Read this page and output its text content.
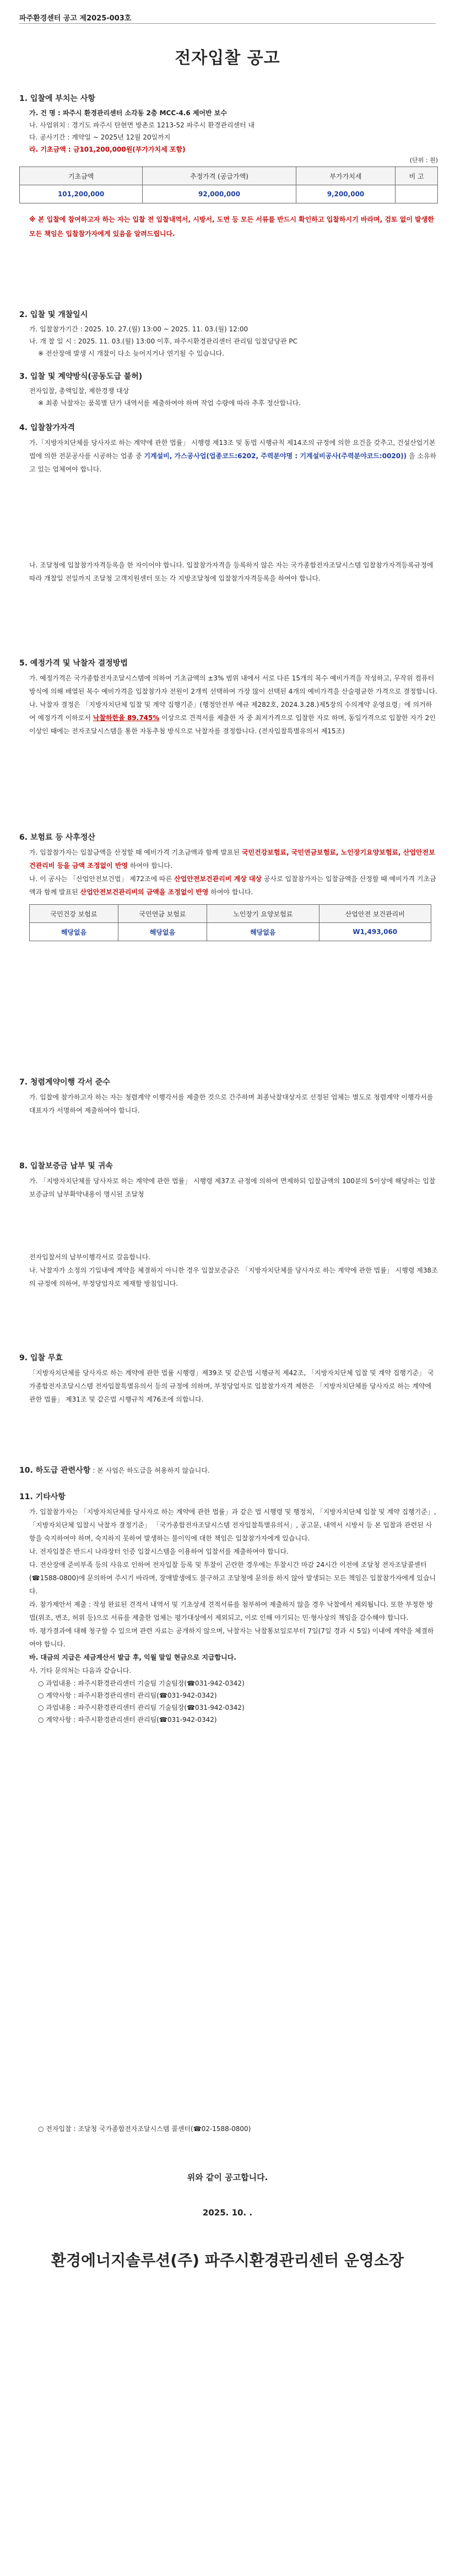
파주환경센터 공고 제2025-003호
전자입찰 공고
1. 입찰에 부치는 사항

가. 건 명 : 파주시 환경관리센터 소각동 2층 MCC-4.6 제어반 보수

나. 사업위치 : 경기도 파주시 탄현면 방촌로 1213-52 파주시 환경관리센터 내

다. 공사기간 : 계약일 ~ 2025년 12월 20일까지

라. 기초금액 : 금101,200,000원(부가가치세 포함)

(단위 : 원)
기초금액	추정가격 (공급가액)	부가가치세	비 고
101,200,000	92,000,000	9,200,000	

※ 본 입찰에 참여하고자 하는 자는 입찰 전 입찰내역서, 시방서, 도면 등 모든 서류를 반드시 확인하고 입찰하시기 바라며, 검토 없이 발생한 모든 책임은 입찰참가자에게 있음을 알려드립니다.

2. 입찰 및 개찰일시

가. 입찰참가기간 : 2025. 10. 27.(월) 13:00 ~ 2025. 11. 03.(월) 12:00

나. 개 찰 일 시 : 2025. 11. 03.(월) 13:00 이후, 파주시환경관리센터 관리팀 입찰담당관 PC

※ 전산장애 발생 시 개찰이 다소 늦어지거나 연기될 수 있습니다.

3. 입찰 및 계약방식(공동도급 불허)

전자입찰, 총액입찰, 제한경쟁 대상

※ 최종 낙찰자는 품목별 단가 내역서를 제출하여야 하며 작업 수량에 따라 추후 정산합니다.

4. 입찰참가자격

가.「지방자치단체를 당사자로 하는 계약에 관한 법률」 시행령 제13조 및 동법 시행규칙 제14조의 규정에 의한 요건을 갖추고, 건설산업기본법에 의한 전문공사를 시공하는 업종 중 기계설비, 가스공사업(업종코드:6202, 주력분야명 : 기계설비공사(주력분야코드:0020)) 을 소유하고 있는 업체여야 합니다.

나. 조달청에 입찰참가자격등록을 한 자이어야 합니다. 입찰참가자격을 등록하지 않은 자는 국가종합전자조달시스템 입찰참가자격등록규정에 따라 개찰일 전일까지 조달청 고객지원센터 또는 각 지방조달청에 입찰참가자격등록을 하여야 합니다.

5. 예정가격 및 낙찰자 결정방법

가. 예정가격은 국가종합전자조달시스템에 의하여 기초금액의 ±3% 범위 내에서 서로 다른 15개의 복수 예비가격을 작성하고, 무작위 컴퓨터방식에 의해 배열된 복수 예비가격을 입찰참가자 전원이 2개씩 선택하여 가장 많이 선택된 4개의 예비가격을 산술평균한 가격으로 결정합니다.

나. 낙찰자 결정은 「지방자치단체 입찰 및 계약 집행기준」(행정안전부 예규 제282호, 2024.3.28.)제5장의 수의계약 운영요령」에 의거하여 예정가격 이하로서 낙찰하한율 89.745% 이상으로 견적서를 제출한 자 중 최저가격으로 입찰한 자로 하며, 동일가격으로 입찰한 자가 2인 이상인 때에는 전자조달시스템을 통한 자동추첨 방식으로 낙찰자를 결정합니다. (전자입찰특별유의서 제15조)

6. 보험료 등 사후정산

가. 입찰참가자는 입찰금액을 산정할 때 예비가격 기초금액과 함께 발표된 국민건강보험료, 국민연금보험료, 노인장기요양보험료, 산업안전보건관리비 등을 금액 조정없이 반영 하여야 합니다.

나. 이 공사는 「산업안전보건법」 제72조에 따른 산업안전보건관리비 계상 대상 공사로 입찰참가자는 입찰금액을 산정할 때 예비가격 기초금액과 함께 발표된 산업안전보건관리비의 금액을 조정없이 반영 하여야 합니다.

국민건강 보험료	국민연금 보험료	노인장기 요양보험료	산업안전 보건관리비
해당없음	해당없음	해당없음	W1,493,060
7. 청렴계약이행 각서 준수

가. 입찰에 참가하고자 하는 자는 청렴계약 이행각서를 제출한 것으로 간주하며 최종낙찰대상자로 선정된 업체는 별도로 청렴계약 이행각서를 대표자가 서명하여 제출하여야 합니다.

8. 입찰보증금 납부 및 귀속

가. 「지방자치단체를 당사자로 하는 계약에 관한 법률」 시행령 제37조 규정에 의하여 면제하되 입찰금액의 100분의 5이상에 해당하는 입찰보증금의 납부확약내용이 명시된 조달청

전자입찰서의 납부이행각서로 갈음합니다.

나. 낙찰자가 소정의 기일내에 계약을 체결하지 아니한 경우 입찰보증금은 「지방자치단체를 당사자로 하는 계약에 관한 법률」 시행령 제38조의 규정에 의하여, 부정당업자로 제재할 방침입니다.

9. 입찰 무효

「지방자치단체를 당사자로 하는 계약에 관한 법률 시행령」제39조 및 같은법 시행규칙 제42조, 「지방자치단체 입찰 및 계약 집행기준」 국가종합전자조달시스템 전자입찰특별유의서 등의 규정에 의하며, 부정당업자로 입찰참가자격 제한은 「지방자치단체를 당사자로 하는 계약에 관한 법률」 제31조 및 같은법 시행규칙 제76조에 의합니다.

10. 하도급 관련사항 : 본 사업은 하도급을 허용하지 않습니다.
11. 기타사항

가. 입찰참가자는 「지방자치단체를 당사자로 하는 계약에 관한 법률」과 같은 법 시행령 및 행정치, 「지방자치단체 입찰 및 계약 집행기준」, 「지방자치단체 입찰시 낙찰자 결정기준」 「국가종합전자조달시스템 전자입찰특별유의서」, 공고문, 내역서 시방서 등 본 입찰과 관련된 사항을 숙지하여야 하며, 숙지하지 못하여 발생하는 불이익에 대한 책임은 입찰참가자에게 있습니다.

나. 전자입찰은 반드시 나라장터 인증 입찰시스템을 이용하여 입찰서를 제출하여야 합니다.

다. 전산장애 준비부족 등의 사유로 인하여 전자입찰 등록 및 투찰이 곤란한 경우에는 투찰시간 마감 24시간 이전에 조달청 전자조달콜센터(☎1588-0800)에 문의하여 주시기 바라며, 장애발생에도 불구하고 조달청에 문의를 하지 않아 발생되는 모든 책임은 입찰참가자에게 있습니다.

라. 참가제안서 제출 : 작성 완료된 견적서 내역서 및 기초상세 견적서류를 첨부하여 제출하지 않을 경우 낙찰에서 제외됩니다. 또한 부정한 방법(위조, 변조, 허위 등)으로 서류를 제출한 업체는 평가대상에서 제외되고, 이로 인해 야기되는 민·형사상의 책임을 감수해야 합니다.

마. 평가결과에 대해 청구할 수 있으며 관련 자료는 공개하지 않으며, 낙찰자는 낙찰통보일로부터 7일(7일 경과 시 5일) 이내에 계약을 체결하여야 합니다.

바. 대금의 지급은 세금계산서 발급 후, 익월 말일 현금으로 지급합니다.

사. 기타 문의처는 다음과 같습니다.

○ 과업내용 : 파주시환경관리센터 기술팀 기술팀장(☎031-942-0342)

○ 계약사항 : 파주시환경관리센터 관리팀(☎031-942-0342)

○ 과업내용 : 파주시환경관리센터 관리팀 기술팀장(☎031-942-0342)

○ 계약사항 : 파주시환경관리센터 관리팀(☎031-942-0342)

○ 전자입찰 : 조달청 국가종합전자조달시스템 콜센터(☎02-1588-0800)

위와 같이 공고합니다.
2025. 10. .
환경에너지솔루션(주) 파주시환경관리센터 운영소장
